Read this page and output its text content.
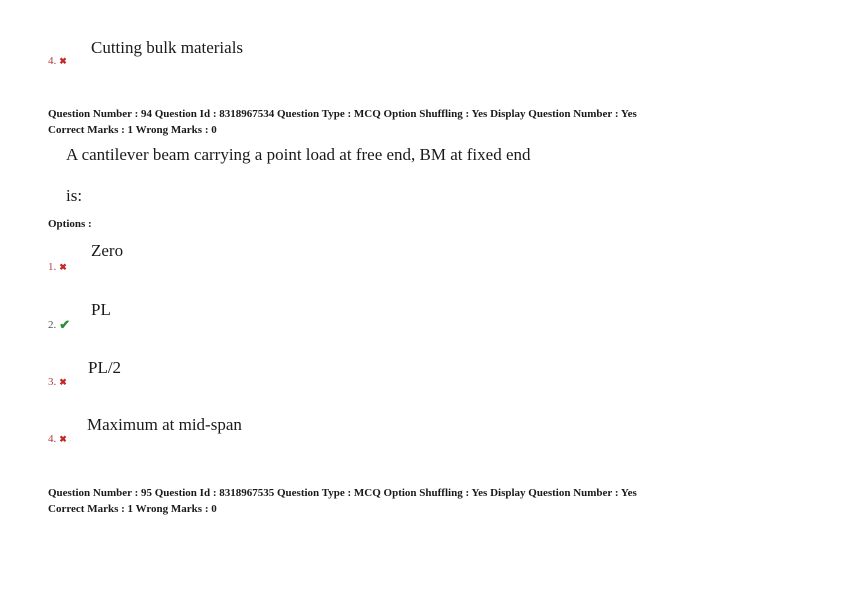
Cutting bulk materials
4. ✖
Question Number : 94 Question Id : 8318967534 Question Type : MCQ Option Shuffling : Yes Display Question Number : Yes
Correct Marks : 1 Wrong Marks : 0
A cantilever beam carrying a point load at free end, BM at fixed end
is:
Options :
Zero
1. ✖
PL
2. ✔
PL/2
3. ✖
Maximum at mid-span
4. ✖
Question Number : 95 Question Id : 8318967535 Question Type : MCQ Option Shuffling : Yes Display Question Number : Yes
Correct Marks : 1 Wrong Marks : 0
